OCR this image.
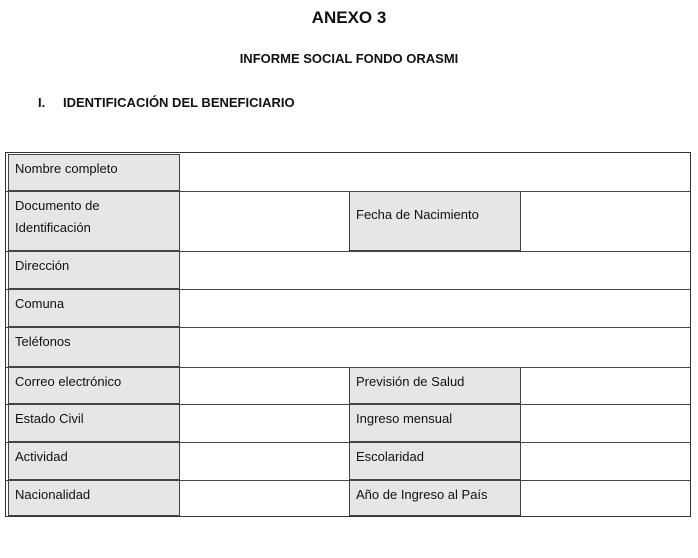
ANEXO 3
INFORME SOCIAL FONDO ORASMI
I. IDENTIFICACIÓN DEL BENEFICIARIO
Nombre completo
Documento de
Identificación
Dirección
Comuna
Teléfonos
Correo electrónico
Estado Civil
Actividad
Nacionalidad
Fecha de Nacimiento
Previsión de Salud
Ingreso mensual
Escolaridad
Año de Ingreso al País
